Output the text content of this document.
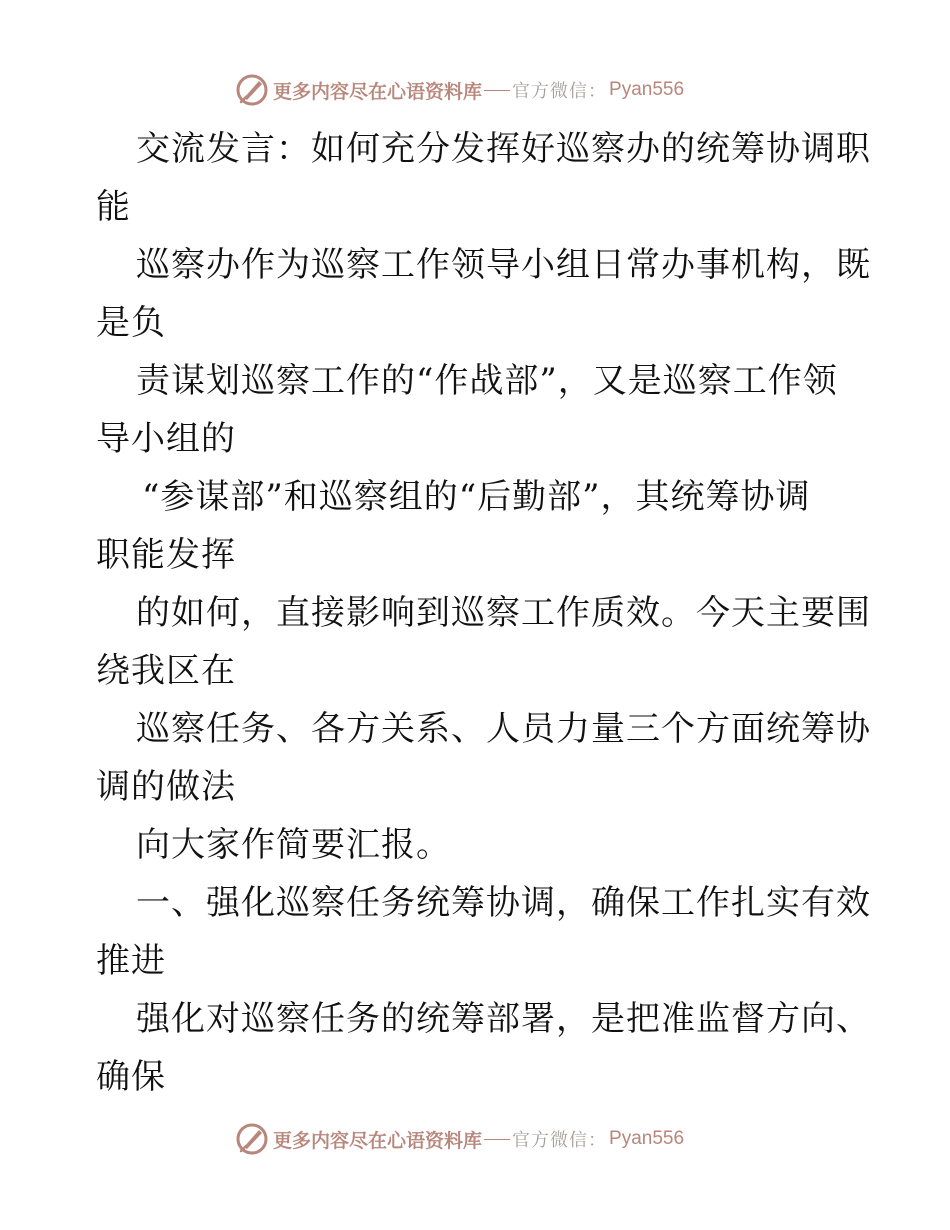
更多内容尽在心语资料库 官方微信： Pyan556
交流发言：如何充分发挥好巡察办的统筹协调职
能
巡察办作为巡察工作领导小组日常办事机构，既
是负
责谋划巡察工作的“作战部”，又是巡察工作领
导小组的
“参谋部”和巡察组的“后勤部”，其统筹协调
职能发挥
的如何，直接影响到巡察工作质效。今天主要围
绕我区在
巡察任务、各方关系、人员力量三个方面统筹协
调的做法
向大家作简要汇报。
一、强化巡察任务统筹协调，确保工作扎实有效
推进
强化对巡察任务的统筹部署，是把准监督方向、
确保
更多内容尽在心语资料库 官方微信： Pyan556
